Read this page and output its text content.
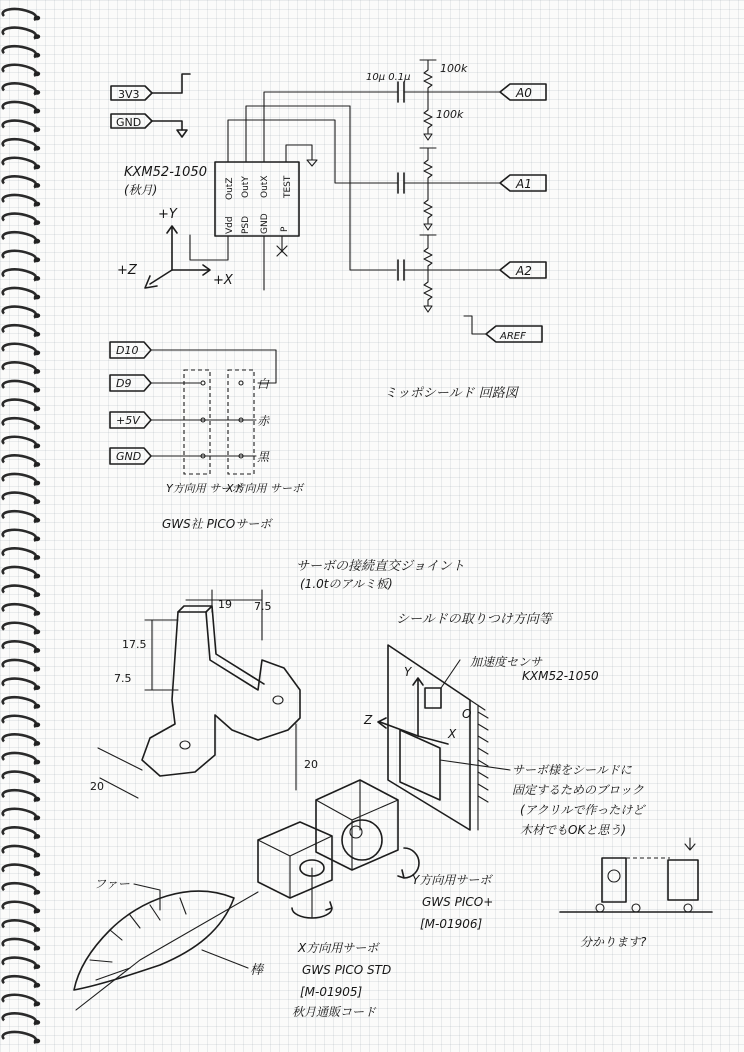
3V3
GND
KXM52-1050
(秋月)	OutZ OutY OutX TEST
Vdd PSD GND P
+Y
+X
+Z
10μ 0.1μ
100k
100k
A0
A1
A2
AREF
ミッポシールド 回路図
D10
D9
+5V
GND
白
赤
黒
Y方向用 サーボ
X方向用 サーボ
GWS社 PICOサーボ
サーボの接続直交ジョイント
(1.0tのアルミ板)
19 7.5
17.5
7.5
20
20
シールドの取りつけ方向等
加速度センサ
KXM52-1050
Y
Z
X
O
サーボ様をシールドに
固定するためのブロック
(アクリルで作ったけど
木材でもOKと思う)
分かります?
Y方向用サーボ
GWS PICO+
[M-01906]
X方向用サーボ
GWS PICO STD
[M-01905]
秋月通販コード
ファー
棒
